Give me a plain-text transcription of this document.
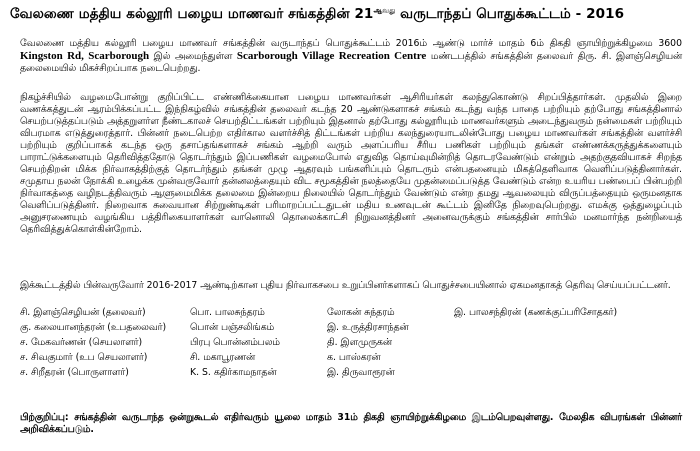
வேலணை மத்திய கல்லூரி பழைய மாணவர் சங்கத்தின் $21^{ஆவது}$ வருடாந்தப் பொதுக்கூட்டம் - 2016
வேலணை மத்திய கல்லூரி பழைய மாணவர் சங்கத்தின் வருடாந்தப் பொதுக்கூட்டம் 2016ம் ஆண்டு மார்ச் மாதம் 6ம் திகதி ஞாயிற்றுக்கிழமை 3600 Kingston Rd, Scarborough இல் அமைந்துள்ள Scarborough Village Recreation Centre மண்டபத்தில் சங்கத்தின் தலைவர் திரு. சி. இளஞ்செழியன் தலைமையில் மிகச்சிறப்பாக நடைபெற்றது.
நிகழ்ச்சியில் வழமைபோன்று குறிப்பிட்ட எண்ணிக்கையான பழைய மாணவர்கள் ஆசிரியர்கள் கலந்துகொண்டு சிறப்பித்தார்கள். முதலில் இறை வணக்கத்துடன் ஆரம்பிக்கப்பட்ட இந்நிகழ்வில் சங்கத்தின் தலைவர் கடந்த 20 ஆண்டுகளாகச் சங்கம் கடந்து வந்த பாதை பற்றியும் தற்போது சங்கத்தினால் செயற்படுத்தப்படும் அத்தறுளர்ள நீண்டகாலச் செயற்திட்டங்கள் பற்றியும் இதனால் தற்போது கல்லூரியும் மாணவர்களும் அடைந்துவரும் நன்மைகள் பற்றியும் விபரமாக எடுத்துரைத்தார். பின்னர் நடைபெற்ற எதிர்கால வளர்ச்சித் திட்டங்கள் பற்றிய கலந்துரையாடலின்போது பழைய மாணவர்கள் சங்கத்தின் வளர்ச்சி பற்றியும் குறிப்பாகக் கடந்த ஒரு தசாப்தங்களாகச் சங்கம் ஆற்றி வரும் அளப்பரிய சீரிய பணிகள் பற்றியும் தங்கள் எண்ணக்கருத்துக்களையும் பாராட்டுக்களையும் தெரிவித்ததோடு தொடர்ந்தும் இப்பணிகள் வழமைபோல் எதுவித தொய்வுமின்றித் தொடரவேண்டும் என்றும் அதற்குதவியாகச் சிறந்த செயற்திறன் மிக்க நிர்வாகத்திற்குத் தொடர்ந்தும் தங்கள் முழு ஆதரவும் பங்களிப்பும் தொடரும் என்பதனையும் மிகத்தெளிவாக வெளிப்படுத்தினார்கள். சமுதாய நலன் நோக்கி உழைக்க முன்வருவோர் தன்னலத்தையும் விட சமூகத்தின் நலத்தையே முதன்மைப்படுத்த வேண்டும் என்ற உயரிய பண்பைப் பின்பற்றி நிர்வாகத்தை வழிநடத்திவரும் ஆளுமைமிக்க தலைமை இன்றைய நிலையில் தொடர்ந்தும் வேண்டும் என்ற தமது ஆவலையும் விருப்பத்தையும் ஒருமனதாக வெளிப்படுத்தினர். நிறைவாக சுவையான சிற்றுண்டிகள் பரிமாறப்பட்டதுடன் மதிய உணவுடன் கூட்டம் இனிதே நிறைவுபெற்றது. எமக்கு ஒத்துழைப்பும் அனுசரணையும் வழங்கிய பத்திரிகையாளர்கள் வானொலி தொலைக்காட்சி நிறுவனத்தினர் அனைவருக்கும் சங்கத்தின் சார்பில் மனமார்ந்த நன்றியைத் தெரிவித்துக்கொள்கின்றோம்.
இக்கூட்டத்தில் பின்வருவோர் 2016-2017 ஆண்டிற்கான புதிய நிர்வாகசபை உறுப்பினர்களாகப் பொதுச்சபையினால் ஏகமனதாகத் தெரிவு செய்யப்பட்டனர்.
சி. இளஞ்செழியன் (தலைவர்)	பொ. பாலசுந்தரம்	லோகன் சுந்தரம்	இ. பாலசந்திரன் (கணக்குப்பரிசோதகர்)
கு. கலையானந்தரன் (உபதலைவர்)	பொன் பஞ்சலிங்கம்	இ. உருத்திரசாந்தன்	
ச. மேகவர்ணன் (செயலாளர்)	பிரபு பொன்னம்பலம்	தி. இளமுருகன்	
ச. சிவகுமார் (உப செயலாளர்)	சி. மகாபூரணன்	க. பாஸ்கரன்	
ச. சிறீதரன் (பொருளாளர்)	K. S. கதிர்காமநாதன்	இ. திருவாரூரன்	
பிற்குறிப்பு: சங்கத்தின் வருடாந்த ஒன்றுகூடல் எதிர்வரும் யூலை மாதம் 31ம் திகதி ஞாயிற்றுக்கிழமை இடம்பெறவுள்ளது. மேலதிக விபரங்கள் பின்னர் அறிவிக்கப்படும்.
